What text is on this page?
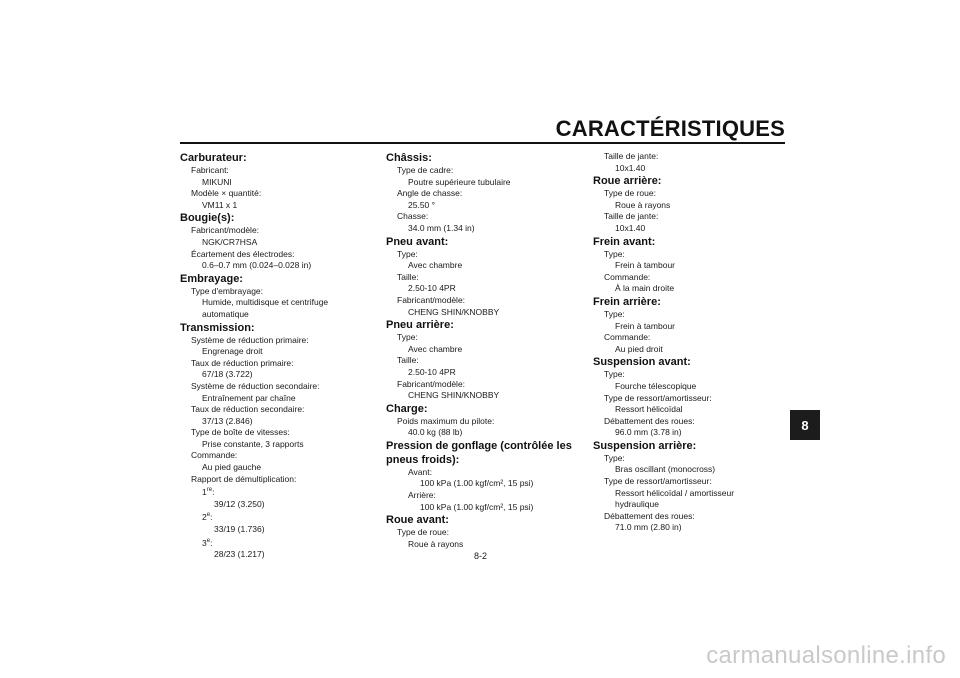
CARACTÉRISTIQUES
8
Carburateur:
Fabricant:
MIKUNI
Modèle × quantité:
VM11 x 1
Bougie(s):
Fabricant/modèle:
NGK/CR7HSA
Écartement des électrodes:
0.6–0.7 mm (0.024–0.028 in)
Embrayage:
Type d'embrayage:
Humide, multidisque et centrifuge
automatique
Transmission:
Système de réduction primaire:
Engrenage droit
Taux de réduction primaire:
67/18 (3.722)
Système de réduction secondaire:
Entraînement par chaîne
Taux de réduction secondaire:
37/13 (2.846)
Type de boîte de vitesses:
Prise constante, 3 rapports
Commande:
Au pied gauche
Rapport de démultiplication:
1re:
39/12 (3.250)
2e:
33/19 (1.736)
3e:
28/23 (1.217)
Châssis:
Type de cadre:
Poutre supérieure tubulaire
Angle de chasse:
25.50 °
Chasse:
34.0 mm (1.34 in)
Pneu avant:
Type:
Avec chambre
Taille:
2.50-10 4PR
Fabricant/modèle:
CHENG SHIN/KNOBBY
Pneu arrière:
Type:
Avec chambre
Taille:
2.50-10 4PR
Fabricant/modèle:
CHENG SHIN/KNOBBY
Charge:
Poids maximum du pilote:
40.0 kg (88 lb)
Pression de gonflage (contrôlée les
pneus froids):
Avant:
100 kPa (1.00 kgf/cm², 15 psi)
Arrière:
100 kPa (1.00 kgf/cm², 15 psi)
Roue avant:
Type de roue:
Roue à rayons
Taille de jante:
10x1.40
Roue arrière:
Type de roue:
Roue à rayons
Taille de jante:
10x1.40
Frein avant:
Type:
Frein à tambour
Commande:
À la main droite
Frein arrière:
Type:
Frein à tambour
Commande:
Au pied droit
Suspension avant:
Type:
Fourche télescopique
Type de ressort/amortisseur:
Ressort hélicoïdal
Débattement des roues:
96.0 mm (3.78 in)
Suspension arrière:
Type:
Bras oscillant (monocross)
Type de ressort/amortisseur:
Ressort hélicoïdal / amortisseur
hydraulique
Débattement des roues:
71.0 mm (2.80 in)
8-2
carmanualsonline.info
